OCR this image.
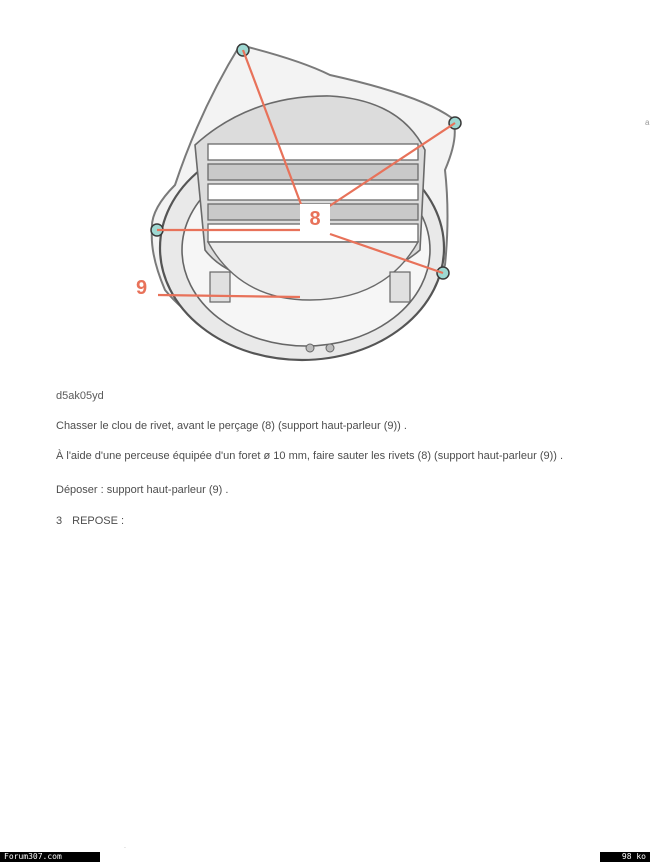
8
9
a
d5ak05yd
Chasser le clou de rivet, avant le perçage (8) (support haut-parleur (9)) .
À l'aide d'une perceuse équipée d'un foret ø 10 mm, faire sauter les rivets (8) (support haut-parleur (9)) .
Déposer : support haut-parleur (9) .
3 REPOSE :
.
Forum307.com	98 ko
